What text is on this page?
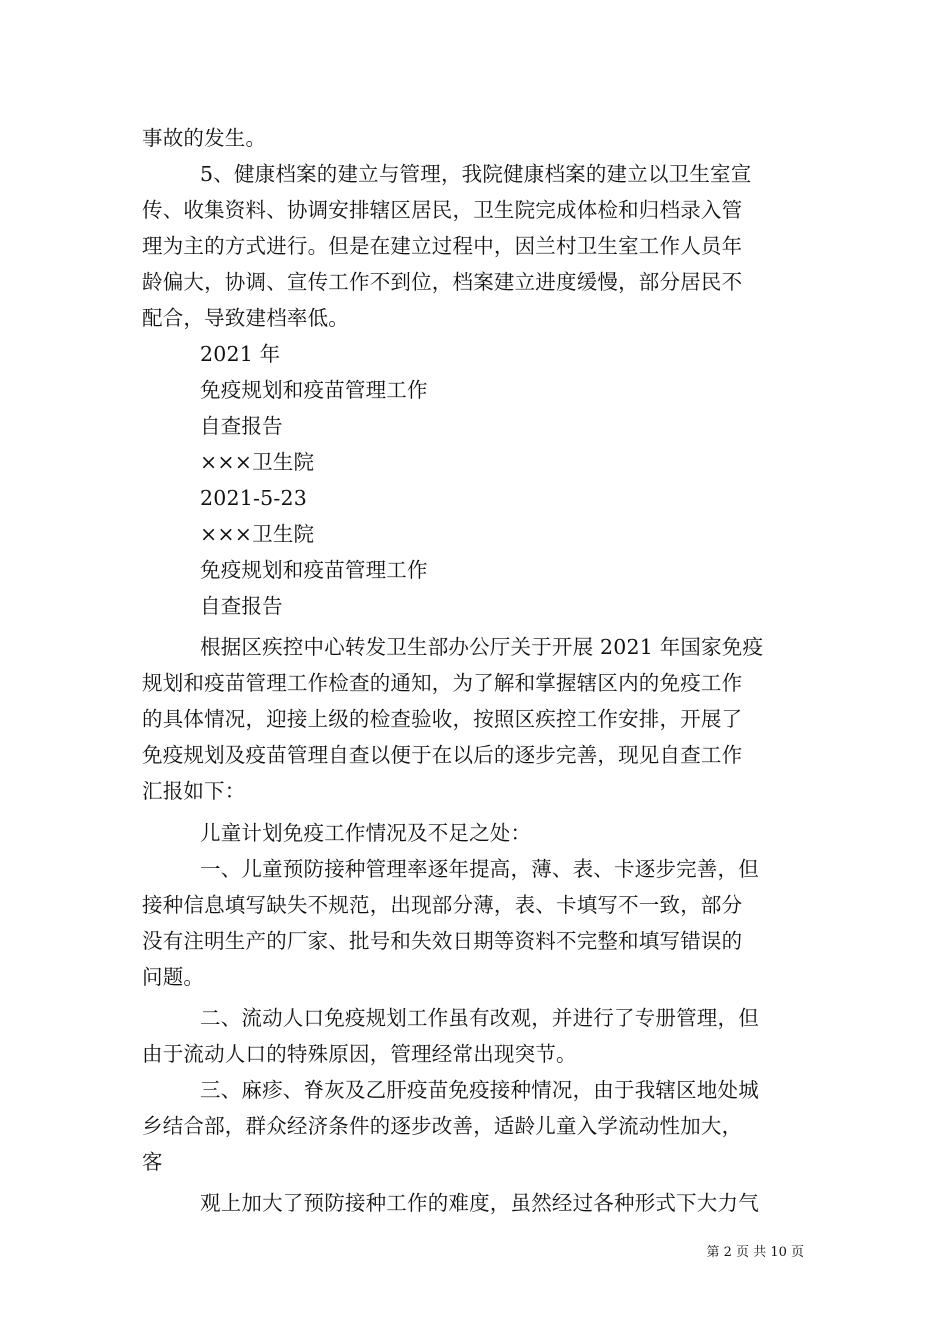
事故的发生。
5、健康档案的建立与管理，我院健康档案的建立以卫生室宣
传、收集资料、协调安排辖区居民，卫生院完成体检和归档录入管
理为主的方式进行。但是在建立过程中，因兰村卫生室工作人员年
龄偏大，协调、宣传工作不到位，档案建立进度缓慢，部分居民不
配合，导致建档率低。
2021 年
免疫规划和疫苗管理工作
自查报告
×××卫生院
2021-5-23
×××卫生院
免疫规划和疫苗管理工作
自查报告
根据区疾控中心转发卫生部办公厅关于开展 2021 年国家免疫
规划和疫苗管理工作检查的通知，为了解和掌握辖区内的免疫工作
的具体情况，迎接上级的检查验收，按照区疾控工作安排，开展了
免疫规划及疫苗管理自查以便于在以后的逐步完善，现见自查工作
汇报如下：
儿童计划免疫工作情况及不足之处：
一、儿童预防接种管理率逐年提高，薄、表、卡逐步完善，但
接种信息填写缺失不规范，出现部分薄，表、卡填写不一致，部分
没有注明生产的厂家、批号和失效日期等资料不完整和填写错误的
问题。
二、流动人口免疫规划工作虽有改观，并进行了专册管理，但
由于流动人口的特殊原因，管理经常出现突节。
三、麻疹、脊灰及乙肝疫苗免疫接种情况，由于我辖区地处城
乡结合部，群众经济条件的逐步改善，适龄儿童入学流动性加大，
客
观上加大了预防接种工作的难度，虽然经过各种形式下大力气
第 2 页 共 10 页
